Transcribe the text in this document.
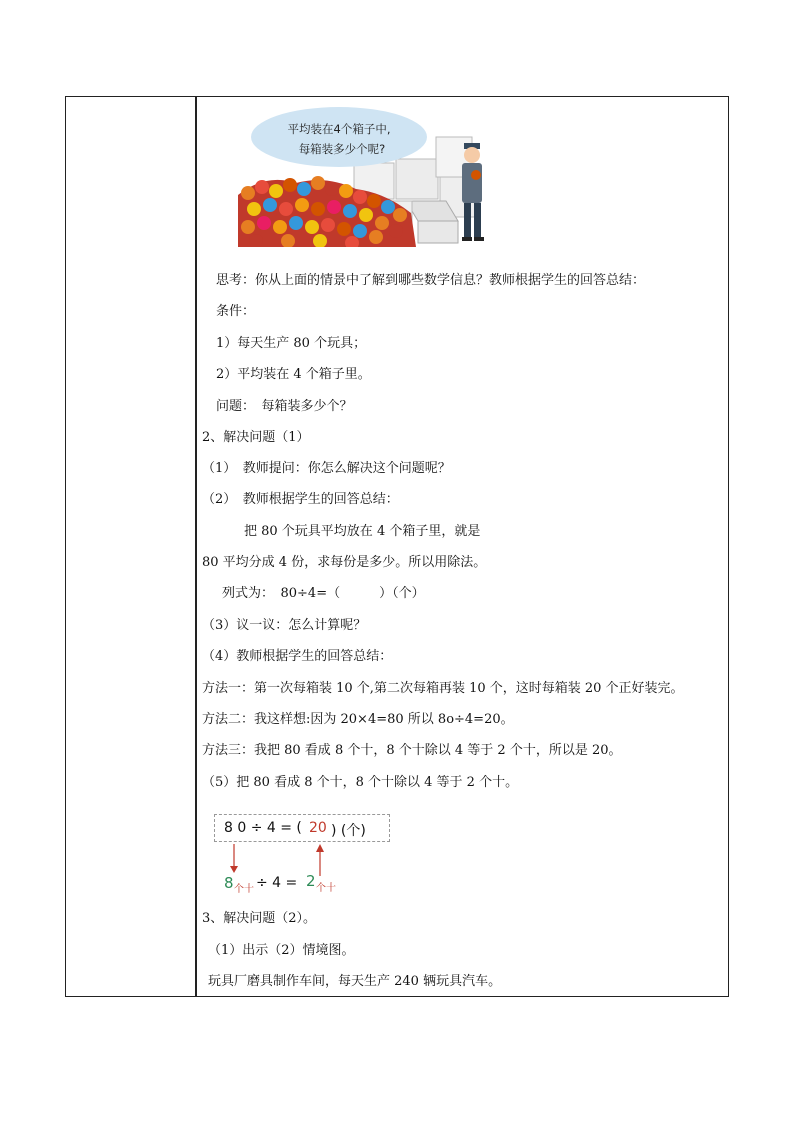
平均装在4个箱子中,
每箱装多少个呢?
思考：你从上面的情景中了解到哪些数学信息？教师根据学生的回答总结：
条件：
1）每天生产 80 个玩具；
2）平均装在 4 个箱子里。
问题：　每箱装多少个？
2、解决问题（1）
（1）　教师提问：你怎么解决这个问题呢？
（2）　教师根据学生的回答总结：
把 80 个玩具平均放在 4 个箱子里，就是
80 平均分成 4 份，求每份是多少。所以用除法。
列式为：　80÷4=（　　　）（个）
（3）议一议：怎么计算呢？
（4）教师根据学生的回答总结：
方法一：第一次每箱装 10 个,第二次每箱再装 10 个，这时每箱装 20 个正好装完。
方法二：我这样想:因为 20×4=80 所以 8o÷4=20。
方法三：我把 80 看成 8 个十，8 个十除以 4 等于 2 个十，所以是 20。
（5）把 80 看成 8 个十，8 个十除以 4 等于 2 个十。
8 0 ÷ 4 = ( 20 ) (个)
8 个十 ÷ 4 = 2 个十
3、解决问题（2）。
（1）出示（2）情境图。
玩具厂磨具制作车间，每天生产 240 辆玩具汽车。
